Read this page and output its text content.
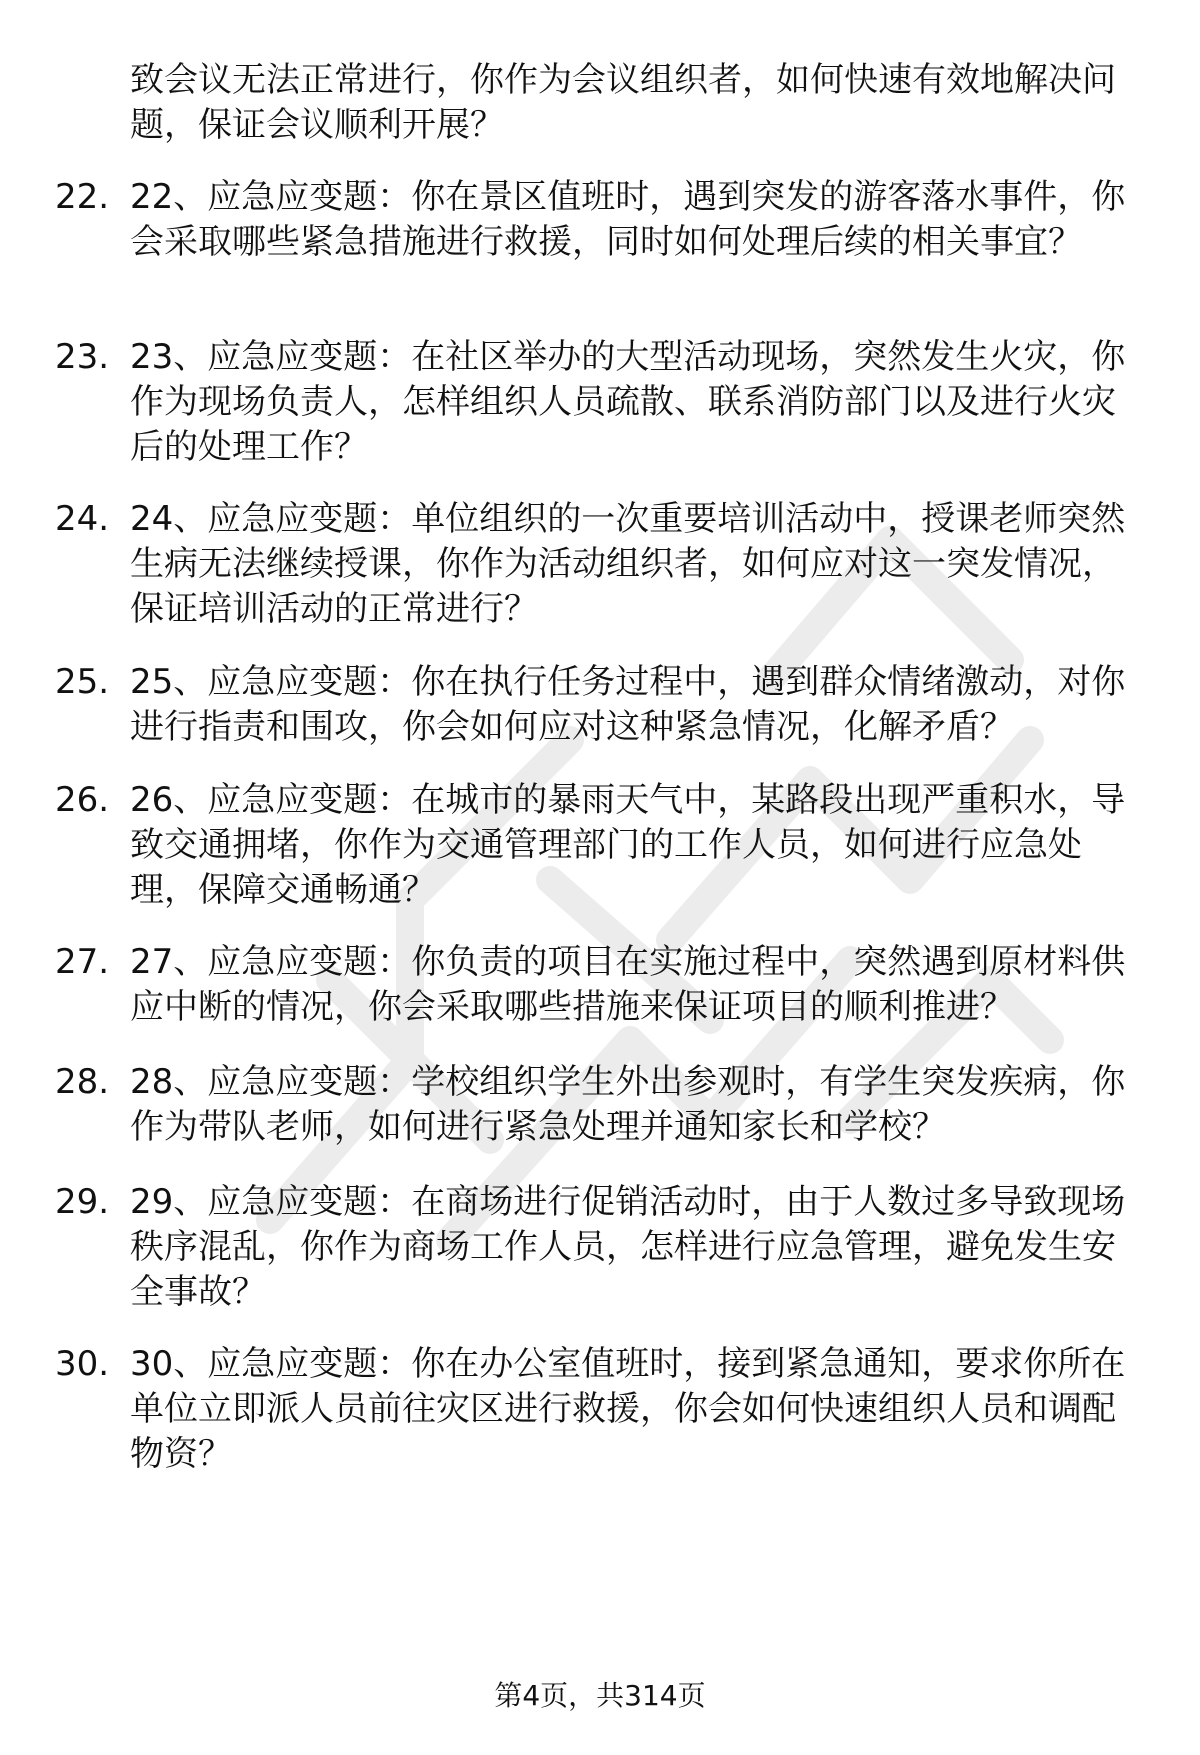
致会议无法正常进行，你作为会议组织者，如何快速有效地解决问题，保证会议顺利开展？

22. 22、应急应变题：你在景区值班时，遇到突发的游客落水事件，你会采取哪些紧急措施进行救援，同时如何处理后续的相关事宜？

23. 23、应急应变题：在社区举办的大型活动现场，突然发生火灾，你作为现场负责人，怎样组织人员疏散、联系消防部门以及进行火灾后的处理工作？

24. 24、应急应变题：单位组织的一次重要培训活动中，授课老师突然生病无法继续授课，你作为活动组织者，如何应对这一突发情况，保证培训活动的正常进行？

25. 25、应急应变题：你在执行任务过程中，遇到群众情绪激动，对你进行指责和围攻，你会如何应对这种紧急情况，化解矛盾？

26. 26、应急应变题：在城市的暴雨天气中，某路段出现严重积水，导致交通拥堵，你作为交通管理部门的工作人员，如何进行应急处理，保障交通畅通？

27. 27、应急应变题：你负责的项目在实施过程中，突然遇到原材料供应中断的情况，你会采取哪些措施来保证项目的顺利推进？

28. 28、应急应变题：学校组织学生外出参观时，有学生突发疾病，你作为带队老师，如何进行紧急处理并通知家长和学校？

29. 29、应急应变题：在商场进行促销活动时，由于人数过多导致现场秩序混乱，你作为商场工作人员，怎样进行应急管理，避免发生安全事故？

30. 30、应急应变题：你在办公室值班时，接到紧急通知，要求你所在单位立即派人员前往灾区进行救援，你会如何快速组织人员和调配物资？

第4页，共314页
